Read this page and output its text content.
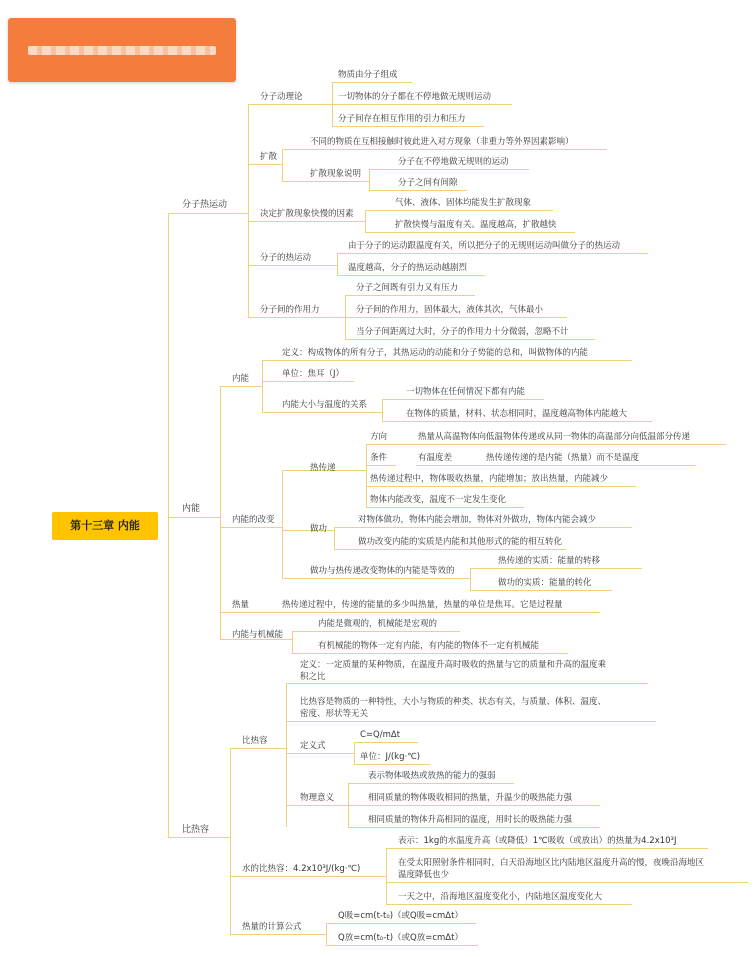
第十三章 内能
分子热运动
分子动理论
物质由分子组成
一切物体的分子都在不停地做无规则运动
分子间存在相互作用的引力和压力
扩散
不同的物质在互相接触时彼此进入对方现象（非重力等外界因素影响）
扩散现象说明
分子在不停地做无规则的运动
分子之间有间隙
决定扩散现象快慢的因素
气体、液体、固体均能发生扩散现象
扩散快慢与温度有关。温度越高，扩散越快
分子的热运动
由于分子的运动跟温度有关，所以把分子的无规则运动叫做分子的热运动
温度越高，分子的热运动越剧烈
分子间的作用力
分子之间既有引力又有压力
分子间的作用力，固体最大，液体其次，气体最小
当分子间距离过大时，分子的作用力十分微弱，忽略不计
内能
内能
定义：构成物体的所有分子，其热运动的动能和分子势能的总和，叫做物体的内能
单位：焦耳（J）
内能大小与温度的关系
一切物体在任何情况下都有内能
在物体的质量，材料、状态相同时，温度越高物体内能越大
内能的改变
热传递
方向	热量从高温物体向低温物体传递或从同一物体的高温部分向低温部分传递
条件	有温度差	热传递传递的是内能（热量）而不是温度
热传递过程中，物体吸收热量，内能增加；放出热量，内能减少
物体内能改变，温度不一定发生变化
做功
对物体做功，物体内能会增加，物体对外做功，物体内能会减少
做功改变内能的实质是内能和其他形式的能的相互转化
做功与热传递改变物体的内能是等效的
热传递的实质：能量的转移
做功的实质：能量的转化
热量	热传递过程中，传递的能量的多少叫热量，热量的单位是焦耳。它是过程量
内能与机械能
内能是微观的，机械能是宏观的
有机械能的物体一定有内能，有内能的物体不一定有机械能
比热容
比热容
定义：一定质量的某种物质，在温度升高时吸收的热量与它的质量和升高的温度乘
积之比
比热容是物质的一种特性，大小与物质的种类、状态有关，与质量、体积、温度、
密度、形状等无关
定义式
C=Q/mΔt
单位：J/(kg·℃)
物理意义
表示物体吸热或放热的能力的强弱
相同质量的物体吸收相同的热量，升温少的吸热能力强
相同质量的物体升高相同的温度，用时长的吸热能力强
水的比热容：4.2x10³J/(kg·℃)
表示：1kg的水温度升高（或降低）1℃吸收（或放出）的热量为4.2x10³J
在受太阳照射条件相同时，白天沿海地区比内陆地区温度升高的慢，夜晚沿海地区
温度降低也少
一天之中，沿海地区温度变化小，内陆地区温度变化大
热量的计算公式
Q吸=cm(t-t₀)（或Q吸=cmΔt）
Q放=cm(t₀-t)（或Q放=cmΔt）
